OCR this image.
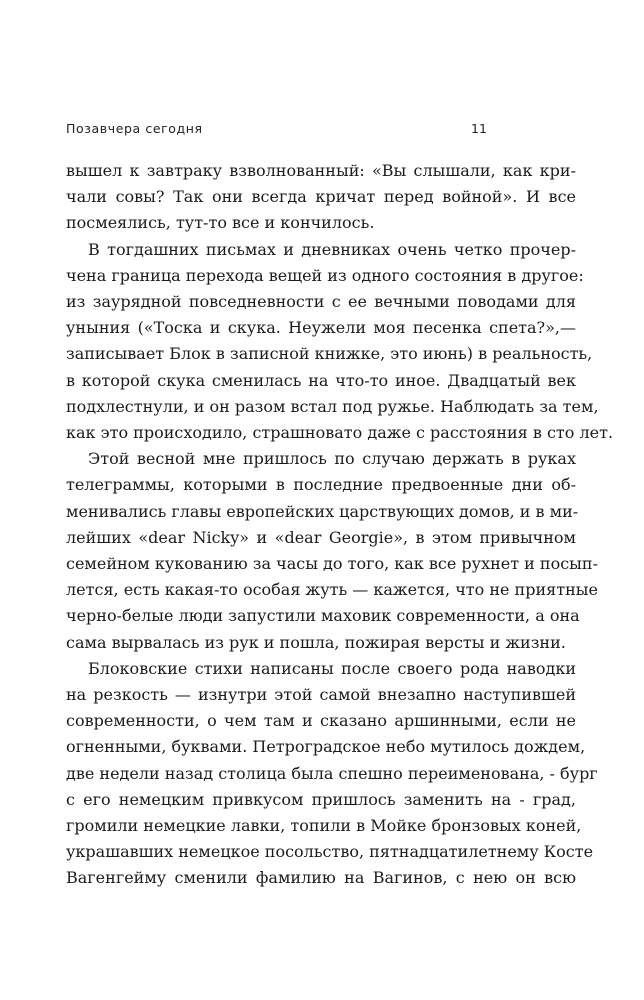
Позавчера сегодня	11
вышел к завтраку взволнованный: «Вы слышали, как кри-
чали совы? Так они всегда кричат перед войной». И все
посмеялись, тут-то все и кончилось.
В тогдашних письмах и дневниках очень четко прочер-
чена граница перехода вещей из одного состояния в другое:
из заурядной повседневности с ее вечными поводами для
уныния («Тоска и скука. Неужели моя песенка спета?»,—
записывает Блок в записной книжке, это июнь) в реальность,
в которой скука сменилась на что-то иное. Двадцатый век
подхлестнули, и он разом встал под ружье. Наблюдать за тем,
как это происходило, страшновато даже с расстояния в сто лет.
Этой весной мне пришлось по случаю держать в руках
телеграммы, которыми в последние предвоенные дни об-
менивались главы европейских царствующих домов, и в ми-
лейших «dear Nicky» и «dear Georgie», в этом привычном
семейном кукованию за часы до того, как все рухнет и посып-
лется, есть какая-то особая жуть — кажется, что не приятные
черно-белые люди запустили маховик современности, а она
сама вырвалась из рук и пошла, пожирая версты и жизни.
Блоковские стихи написаны после своего рода наводки
на резкость — изнутри этой самой внезапно наступившей
современности, о чем там и сказано аршинными, если не
огненными, буквами. Петроградское небо мутилось дождем,
две недели назад столица была спешно переименована, - бург
с его немецким привкусом пришлось заменить на - град,
громили немецкие лавки, топили в Мойке бронзовых коней,
украшавших немецкое посольство, пятнадцатилетнему Косте
Вагенгейму сменили фамилию на Вагинов, с нею он всю
